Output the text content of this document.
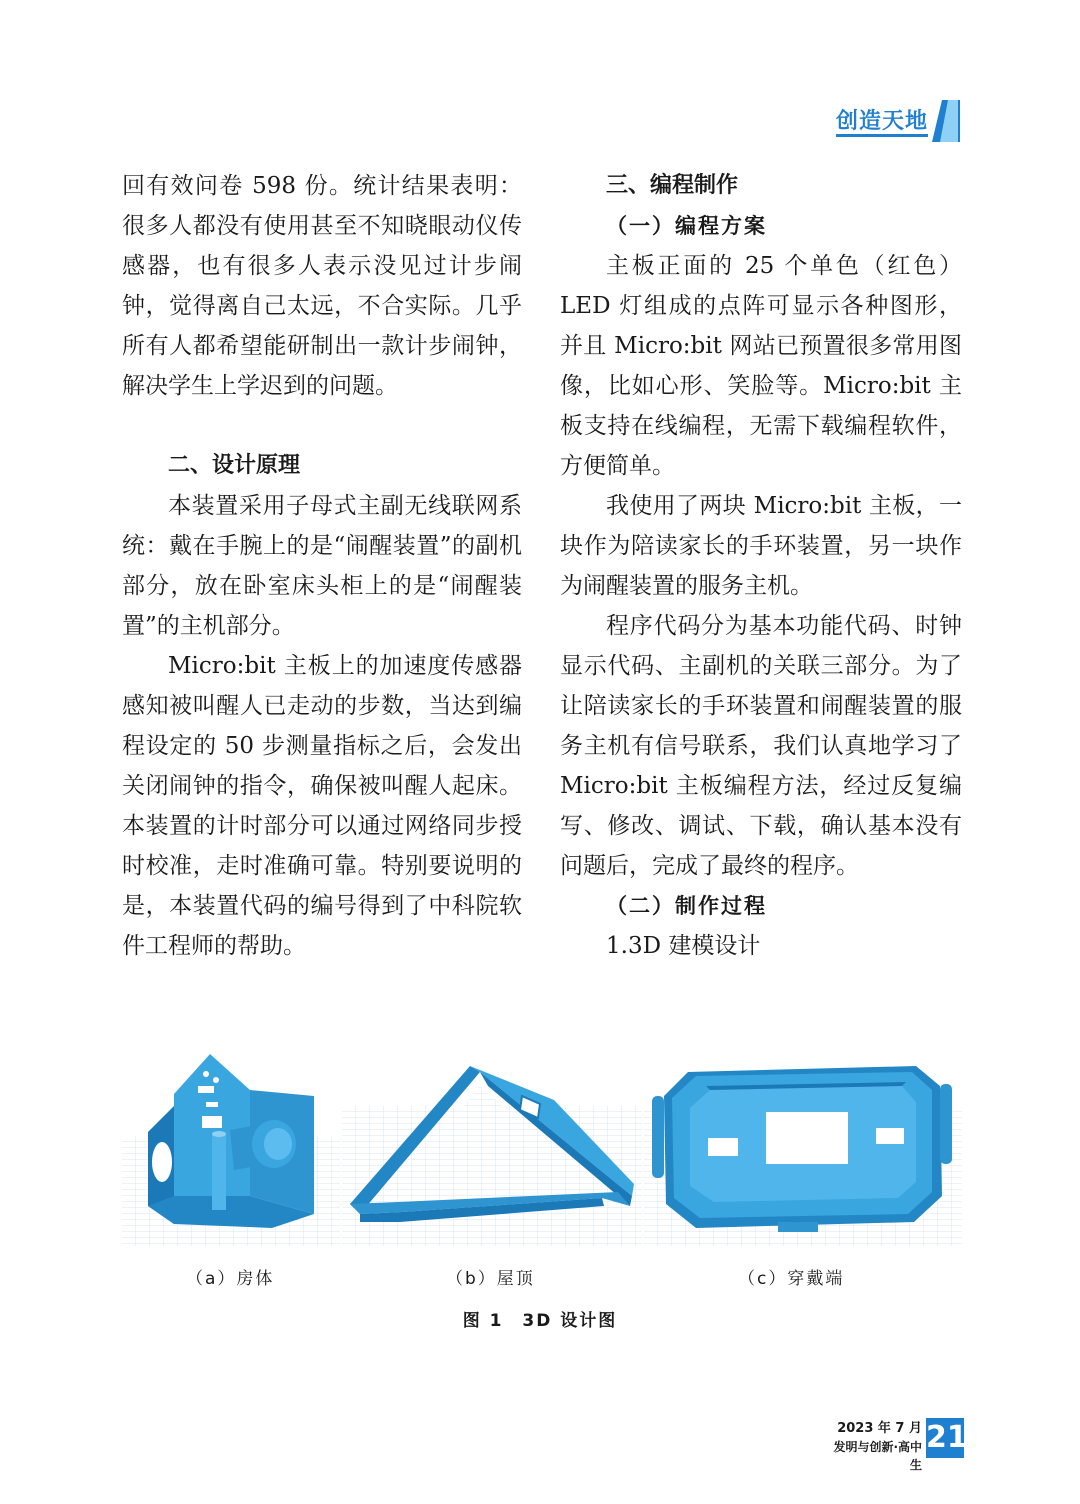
创造天地

回有效问卷 598 份。统计结果表明：很多人都没有使用甚至不知晓眼动仪传感器，也有很多人表示没见过计步闹钟，觉得离自己太远，不合实际。几乎所有人都希望能研制出一款计步闹钟，解决学生上学迟到的问题。

二、设计原理

本装置采用子母式主副无线联网系统：戴在手腕上的是“闹醒装置”的副机部分，放在卧室床头柜上的是“闹醒装置”的主机部分。

Micro:bit 主板上的加速度传感器感知被叫醒人已走动的步数，当达到编程设定的 50 步测量指标之后，会发出关闭闹钟的指令，确保被叫醒人起床。本装置的计时部分可以通过网络同步授时校准，走时准确可靠。特别要说明的是，本装置代码的编号得到了中科院软件工程师的帮助。

三、编程制作

（一）编程方案

主板正面的 25 个单色（红色）LED 灯组成的点阵可显示各种图形，并且 Micro:bit 网站已预置很多常用图像，比如心形、笑脸等。Micro:bit 主板支持在线编程，无需下载编程软件，方便简单。

我使用了两块 Micro:bit 主板，一块作为陪读家长的手环装置，另一块作为闹醒装置的服务主机。

程序代码分为基本功能代码、时钟显示代码、主副机的关联三部分。为了让陪读家长的手环装置和闹醒装置的服务主机有信号联系，我们认真地学习了 Micro:bit 主板编程方法，经过反复编写、修改、调试、下载，确认基本没有问题后，完成了最终的程序。

（二）制作过程

1.3D 建模设计

（a）房体	（b）屋顶	（c）穿戴端
图 1　3D 设计图
2023 年 7 月
发明与创新·高中生
21
